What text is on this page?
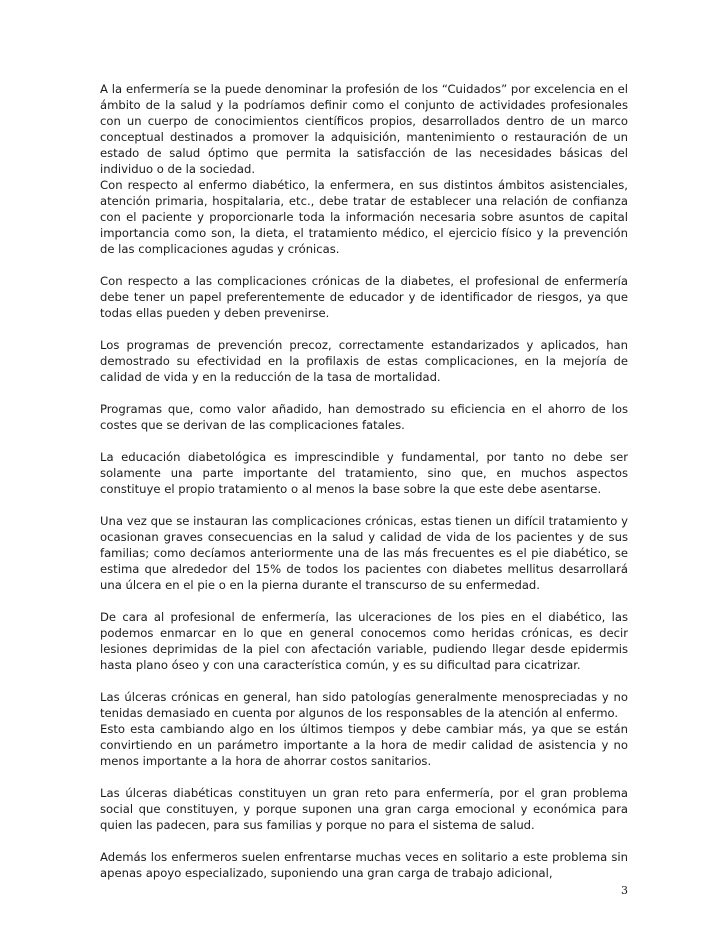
A la enfermería se la puede denominar la profesión de los “Cuidados” por excelencia en el ámbito de la salud y la podríamos definir como el conjunto de actividades profesionales con un cuerpo de conocimientos científicos propios, desarrollados dentro de un marco conceptual destinados a promover la adquisición, mantenimiento o restauración de un estado de salud óptimo que permita la satisfacción de las necesidades básicas del individuo o de la sociedad.

Con respecto al enfermo diabético, la enfermera, en sus distintos ámbitos asistenciales, atención primaria, hospitalaria, etc., debe tratar de establecer una relación de confianza con el paciente y proporcionarle toda la información necesaria sobre asuntos de capital importancia como son, la dieta, el tratamiento médico, el ejercicio físico y la prevención de las complicaciones agudas y crónicas.

Con respecto a las complicaciones crónicas de la diabetes, el profesional de enfermería debe tener un papel preferentemente de educador y de identificador de riesgos, ya que todas ellas pueden y deben prevenirse.

Los programas de prevención precoz, correctamente estandarizados y aplicados, han demostrado su efectividad en la profilaxis de estas complicaciones, en la mejoría de calidad de vida y en la reducción de la tasa de mortalidad.

Programas que, como valor añadido, han demostrado su eficiencia en el ahorro de los costes que se derivan de las complicaciones fatales.

La educación diabetológica es imprescindible y fundamental, por tanto no debe ser solamente una parte importante del tratamiento, sino que, en muchos aspectos constituye el propio tratamiento o al menos la base sobre la que este debe asentarse.

Una vez que se instauran las complicaciones crónicas, estas tienen un difícil tratamiento y ocasionan graves consecuencias en la salud y calidad de vida de los pacientes y de sus familias; como decíamos anteriormente una de las más frecuentes es el pie diabético, se estima que alrededor del 15% de todos los pacientes con diabetes mellitus desarrollará una úlcera en el pie o en la pierna durante el transcurso de su enfermedad.

De cara al profesional de enfermería, las ulceraciones de los pies en el diabético, las podemos enmarcar en lo que en general conocemos como heridas crónicas, es decir lesiones deprimidas de la piel con afectación variable, pudiendo llegar desde epidermis hasta plano óseo y con una característica común, y es su dificultad para cicatrizar.

Las úlceras crónicas en general, han sido patologías generalmente menospreciadas y no tenidas demasiado en cuenta por algunos de los responsables de la atención al enfermo.

Esto esta cambiando algo en los últimos tiempos y debe cambiar más, ya que se están convirtiendo en un parámetro importante a la hora de medir calidad de asistencia y no menos importante a la hora de ahorrar costos sanitarios.

Las úlceras diabéticas constituyen un gran reto para enfermería, por el gran problema social que constituyen, y porque suponen una gran carga emocional y económica para quien las padecen, para sus familias y porque no para el sistema de salud.

Además los enfermeros suelen enfrentarse muchas veces en solitario a este problema sin apenas apoyo especializado, suponiendo una gran carga de trabajo adicional,

3
